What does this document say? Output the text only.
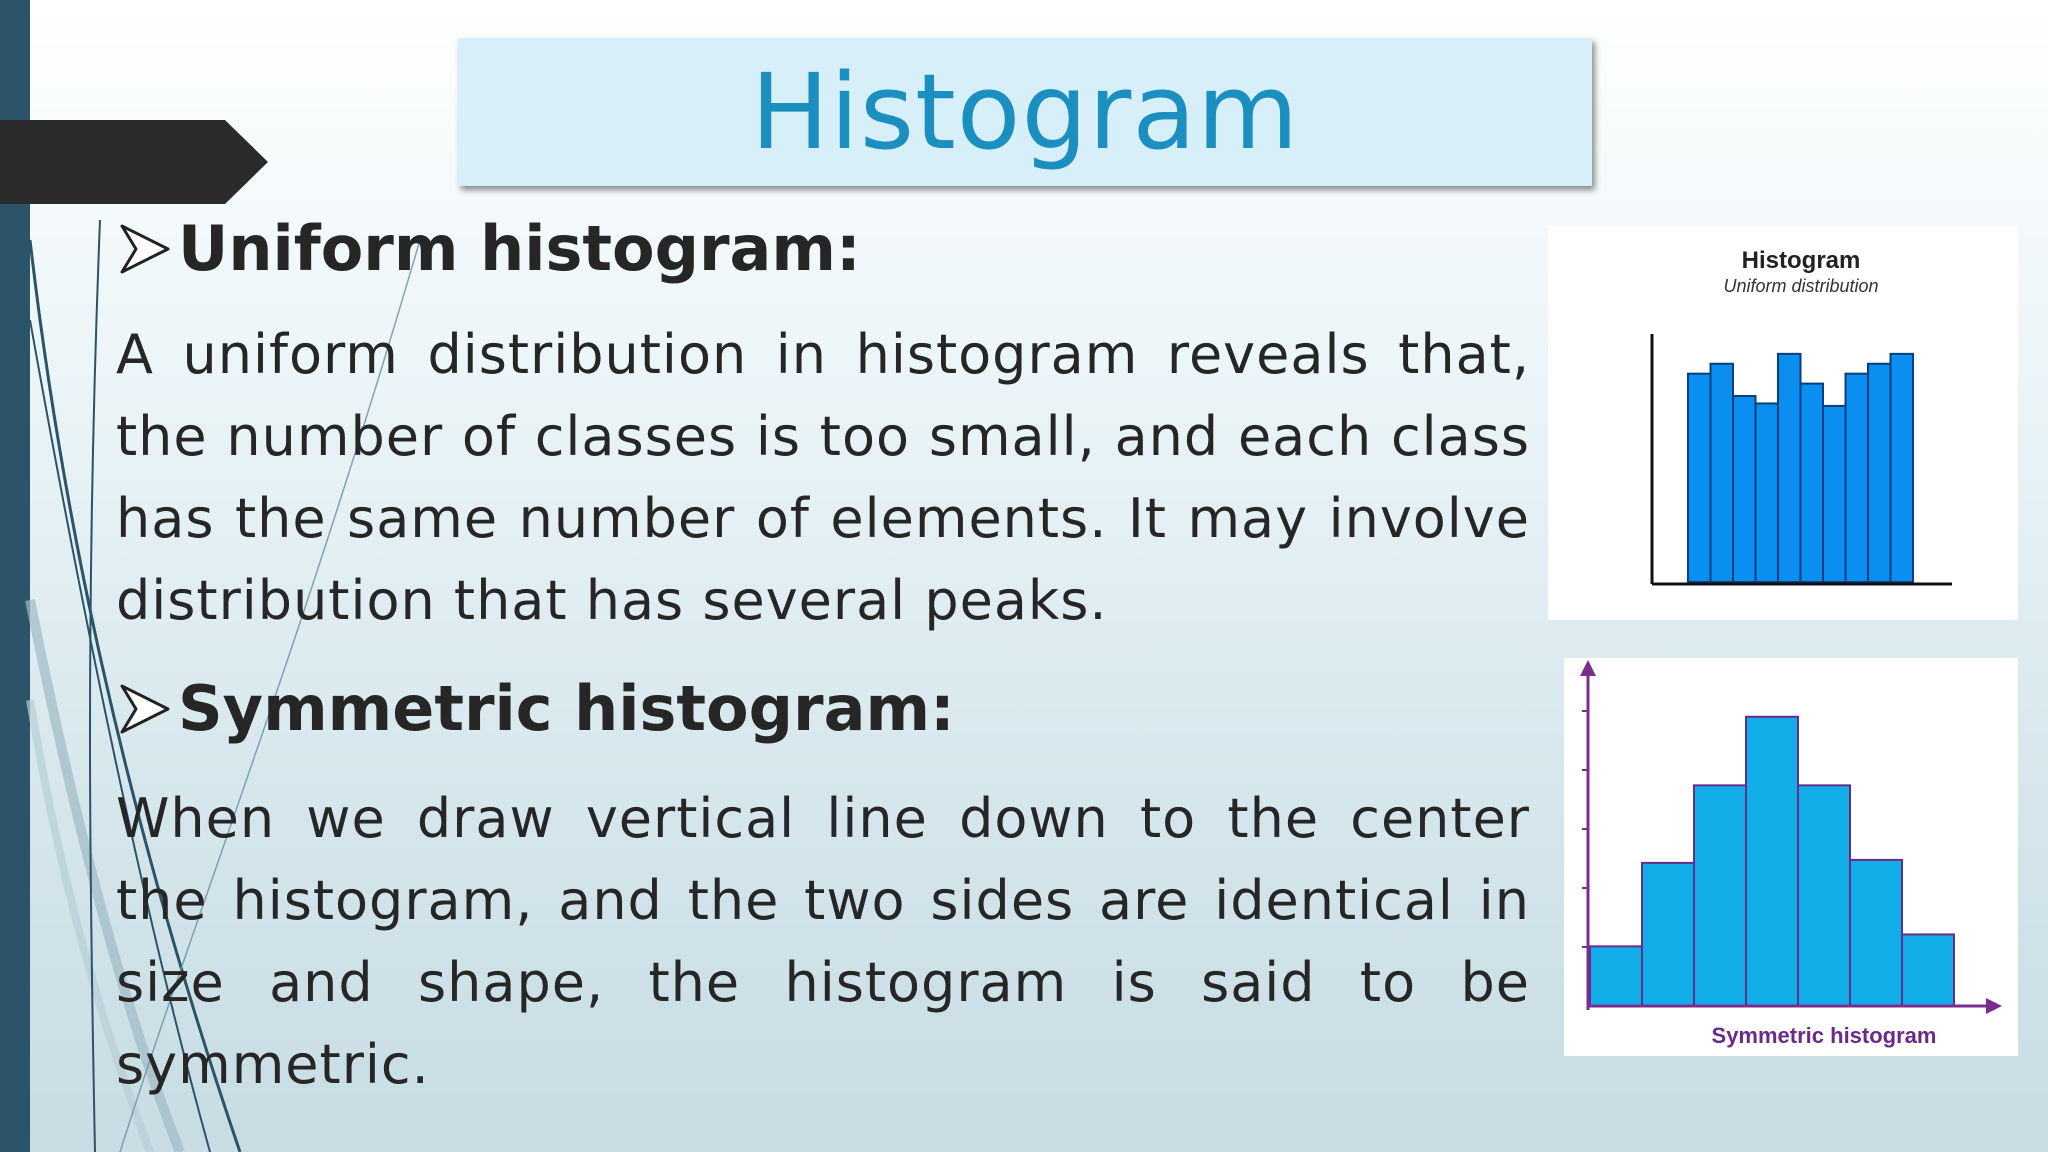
Histogram
Uniform histogram:
A uniform distribution in histogram reveals that, the number of classes is too small, and each class has the same number of elements. It may involve distribution that has several peaks.
Symmetric histogram:
When we draw vertical line down to the center the histogram, and the two sides are identical in size and shape, the histogram is said to be symmetric.
Histogram
Uniform distribution
Symmetric histogram
